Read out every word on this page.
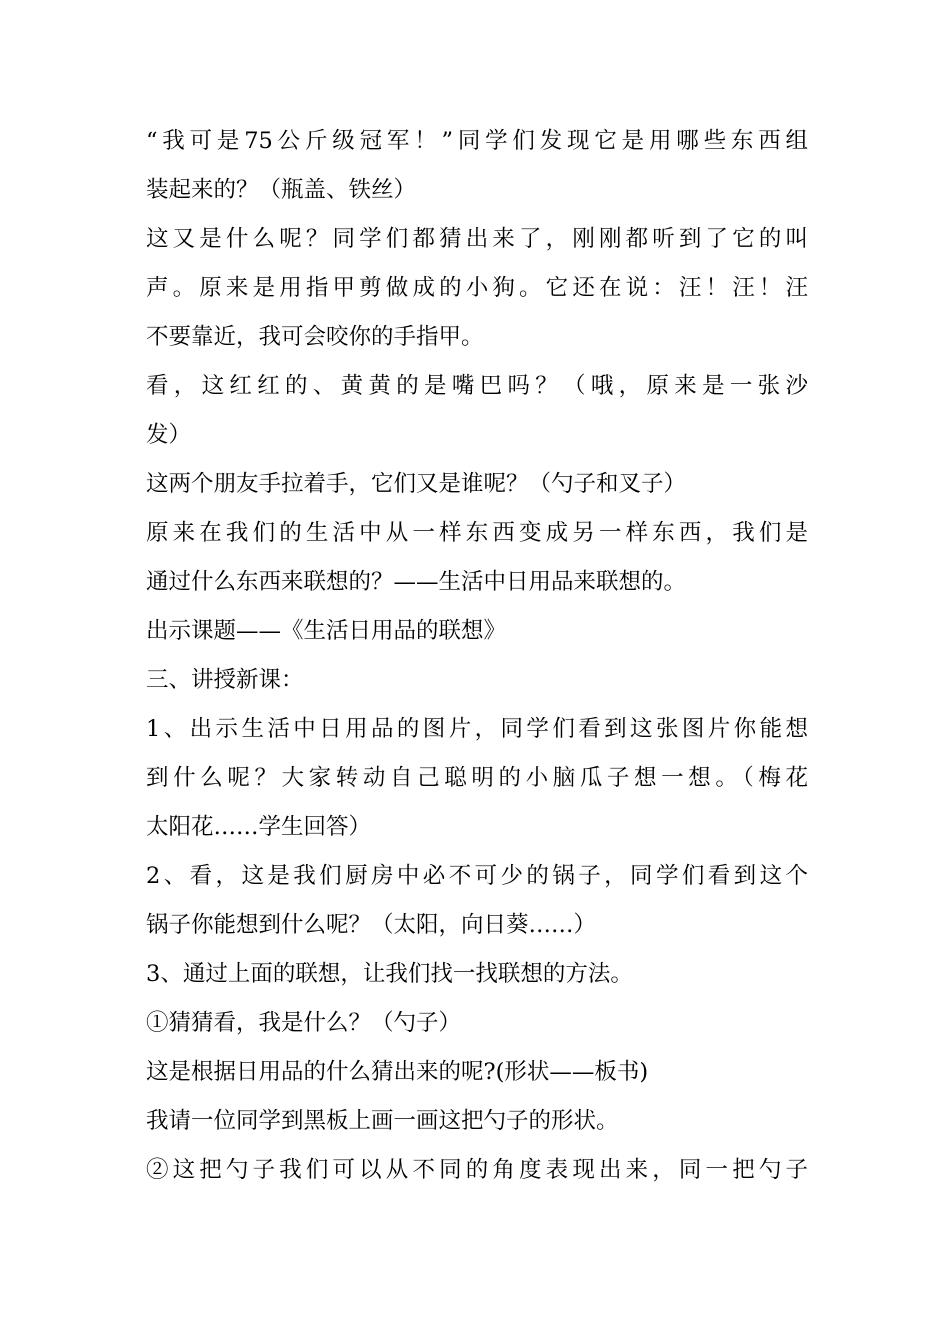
“我可是75公斤级冠军！”同学们发现它是用哪些东西组
装起来的？（瓶盖、铁丝）
这又是什么呢？同学们都猜出来了，刚刚都听到了它的叫
声。原来是用指甲剪做成的小狗。它还在说：汪！汪！汪
不要靠近，我可会咬你的手指甲。
看，这红红的、黄黄的是嘴巴吗？（哦，原来是一张沙
发）
这两个朋友手拉着手，它们又是谁呢？（勺子和叉子）
原来在我们的生活中从一样东西变成另一样东西，我们是
通过什么东西来联想的？——生活中日用品来联想的。
出示课题——《生活日用品的联想》
三、讲授新课：
1、出示生活中日用品的图片，同学们看到这张图片你能想
到什么呢？大家转动自己聪明的小脑瓜子想一想。（梅花
太阳花……学生回答）
2、看，这是我们厨房中必不可少的锅子，同学们看到这个
锅子你能想到什么呢？（太阳，向日葵……）
3、通过上面的联想，让我们找一找联想的方法。
①猜猜看，我是什么？（勺子）
这是根据日用品的什么猜出来的呢?(形状——板书)
我请一位同学到黑板上画一画这把勺子的形状。
②这把勺子我们可以从不同的角度表现出来，同一把勺子
